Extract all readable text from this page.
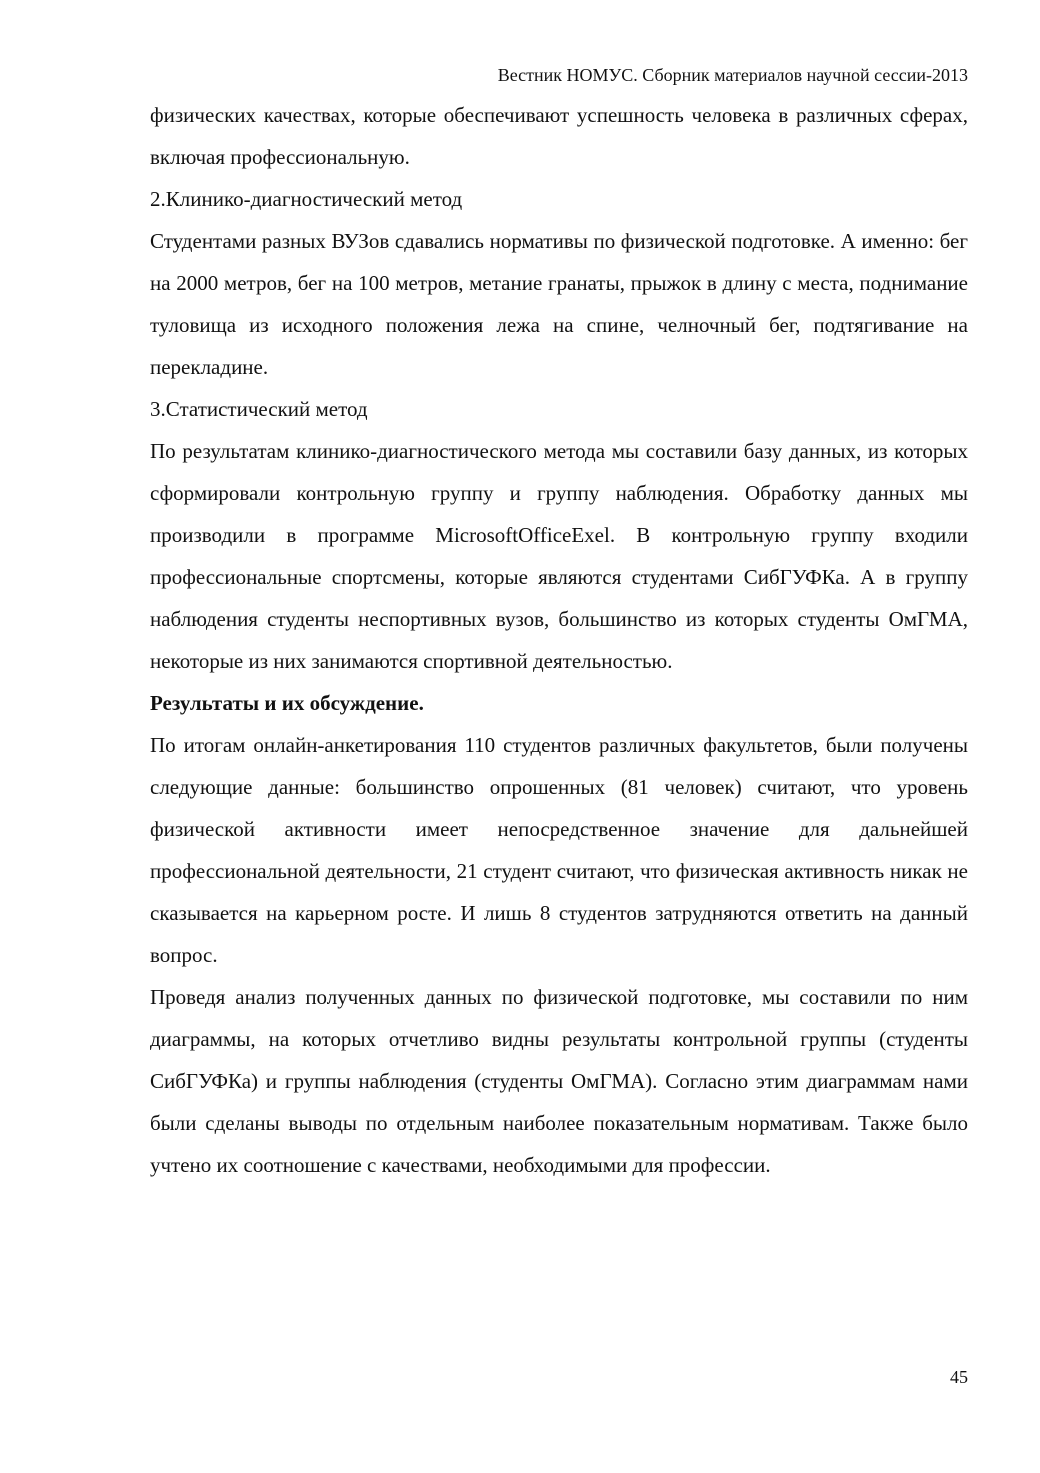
Вестник НОМУС. Сборник материалов научной сессии-2013

физических качествах, которые обеспечивают успешность человека в различных сферах, включая профессиональную.

2.Клинико-диагностический метод

Студентами разных ВУЗов сдавались нормативы по физической подготовке. А именно: бег на 2000 метров, бег на 100 метров, метание гранаты, прыжок в длину с места, поднимание туловища из исходного положения лежа на спине, челночный бег, подтягивание на перекладине.

3.Статистический метод

По результатам клинико-диагностического метода мы составили базу данных, из которых сформировали контрольную группу и группу наблюдения. Обработку данных мы производили в программе MicrosoftOfficeExel. В контрольную группу входили профессиональные спортсмены, которые являются студентами СибГУФКа. А в группу наблюдения студенты неспортивных вузов, большинство из которых студенты ОмГМА, некоторые из них занимаются спортивной деятельностью.

Результаты и их обсуждение.

По итогам онлайн-анкетирования 110 студентов различных факультетов, были получены следующие данные: большинство опрошенных (81 человек) считают, что уровень физической активности имеет непосредственное значение для дальнейшей профессиональной деятельности, 21 студент считают, что физическая активность никак не сказывается на карьерном росте. И лишь 8 студентов затрудняются ответить на данный вопрос.

Проведя анализ полученных данных по физической подготовке, мы составили по ним диаграммы, на которых отчетливо видны результаты контрольной группы (студенты СибГУФКа) и группы наблюдения (студенты ОмГМА). Согласно этим диаграммам нами были сделаны выводы по отдельным наиболее показательным нормативам. Также было учтено их соотношение с качествами, необходимыми для профессии.

45
